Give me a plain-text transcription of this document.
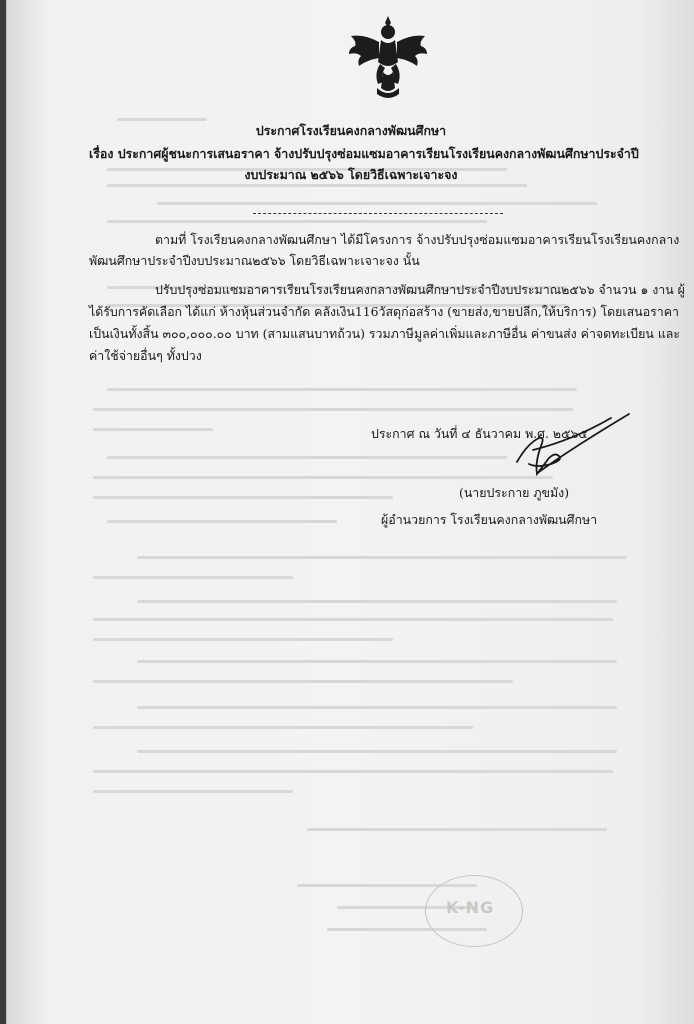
ประกาศโรงเรียนคงกลางพัฒนศึกษา
เรื่อง ประกาศผู้ชนะการเสนอราคา จ้างปรับปรุงซ่อมแซมอาคารเรียนโรงเรียนคงกลางพัฒนศึกษาประจำปี
งบประมาณ ๒๕๖๖ โดยวิธีเฉพาะเจาะจง
ตามที่ โรงเรียนคงกลางพัฒนศึกษา ได้มีโครงการ จ้างปรับปรุงซ่อมแซมอาคารเรียนโรงเรียนคงกลาง
พัฒนศึกษาประจำปีงบประมาณ๒๕๖๖ โดยวิธีเฉพาะเจาะจง นั้น
ปรับปรุงซ่อมแซมอาคารเรียนโรงเรียนคงกลางพัฒนศึกษาประจำปีงบประมาณ๒๕๖๖ จำนวน ๑ งาน ผู้
ได้รับการคัดเลือก ได้แก่ ห้างหุ้นส่วนจำกัด คลังเงิน116วัสดุก่อสร้าง (ขายส่ง,ขายปลีก,ให้บริการ) โดยเสนอราคา
เป็นเงินทั้งสิ้น ๓๐๐,๐๐๐.๐๐ บาท (สามแสนบาทถ้วน) รวมภาษีมูลค่าเพิ่มและภาษีอื่น ค่าขนส่ง ค่าจดทะเบียน และ
ค่าใช้จ่ายอื่นๆ ทั้งปวง
ประกาศ ณ วันที่ ๔ ธันวาคม พ.ศ. ๒๕๖๕
(นายประกาย ภูขมัง)
ผู้อำนวยการ โรงเรียนคงกลางพัฒนศึกษา
K-NG
